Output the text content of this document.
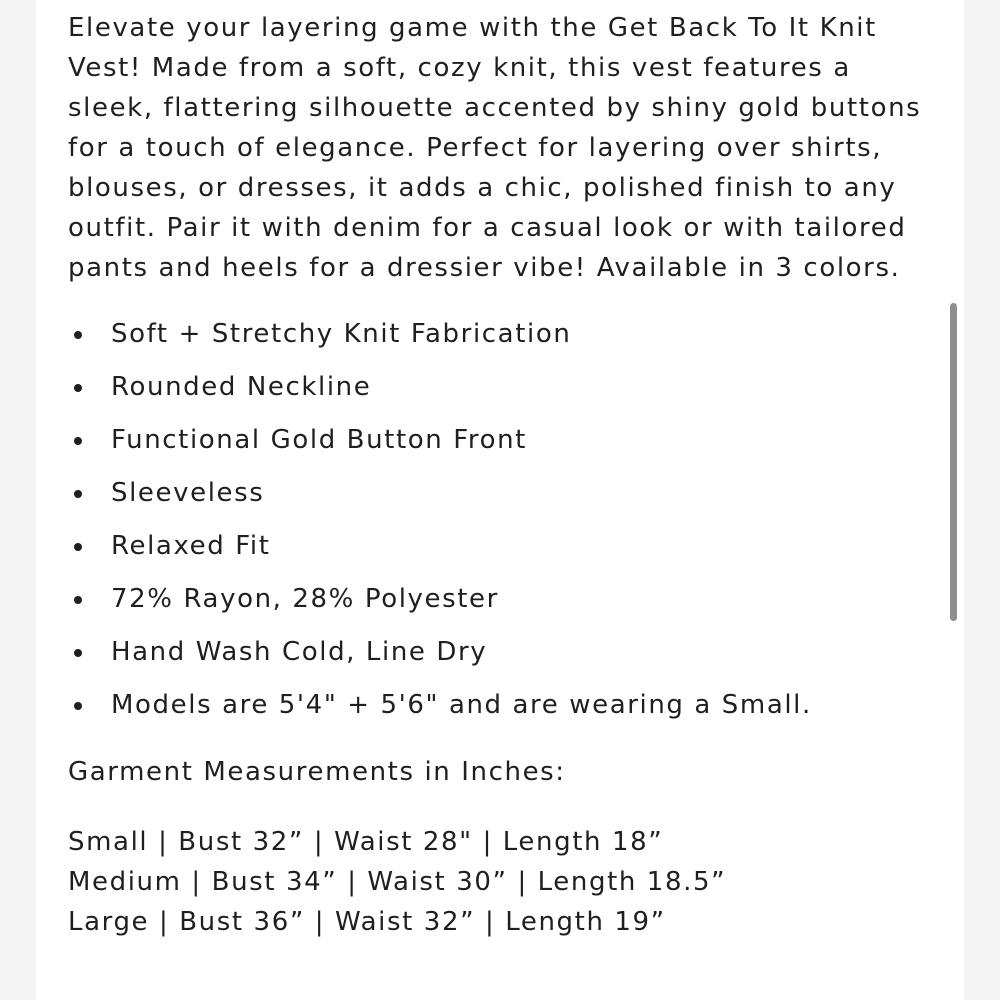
Elevate your layering game with the Get Back To It Knit Vest! Made from a soft, cozy knit, this vest features a sleek, flattering silhouette accented by shiny gold buttons for a touch of elegance. Perfect for layering over shirts, blouses, or dresses, it adds a chic, polished finish to any outfit. Pair it with denim for a casual look or with tailored pants and heels for a dressier vibe! Available in 3 colors.

Soft + Stretchy Knit Fabrication
Rounded Neckline
Functional Gold Button Front
Sleeveless
Relaxed Fit
72% Rayon, 28% Polyester
Hand Wash Cold, Line Dry
Models are 5'4" + 5'6" and are wearing a Small.

Garment Measurements in Inches:

Small | Bust 32” | Waist 28" | Length 18”
Medium | Bust 34” | Waist 30” | Length 18.5”
Large | Bust 36” | Waist 32” | Length 19”
